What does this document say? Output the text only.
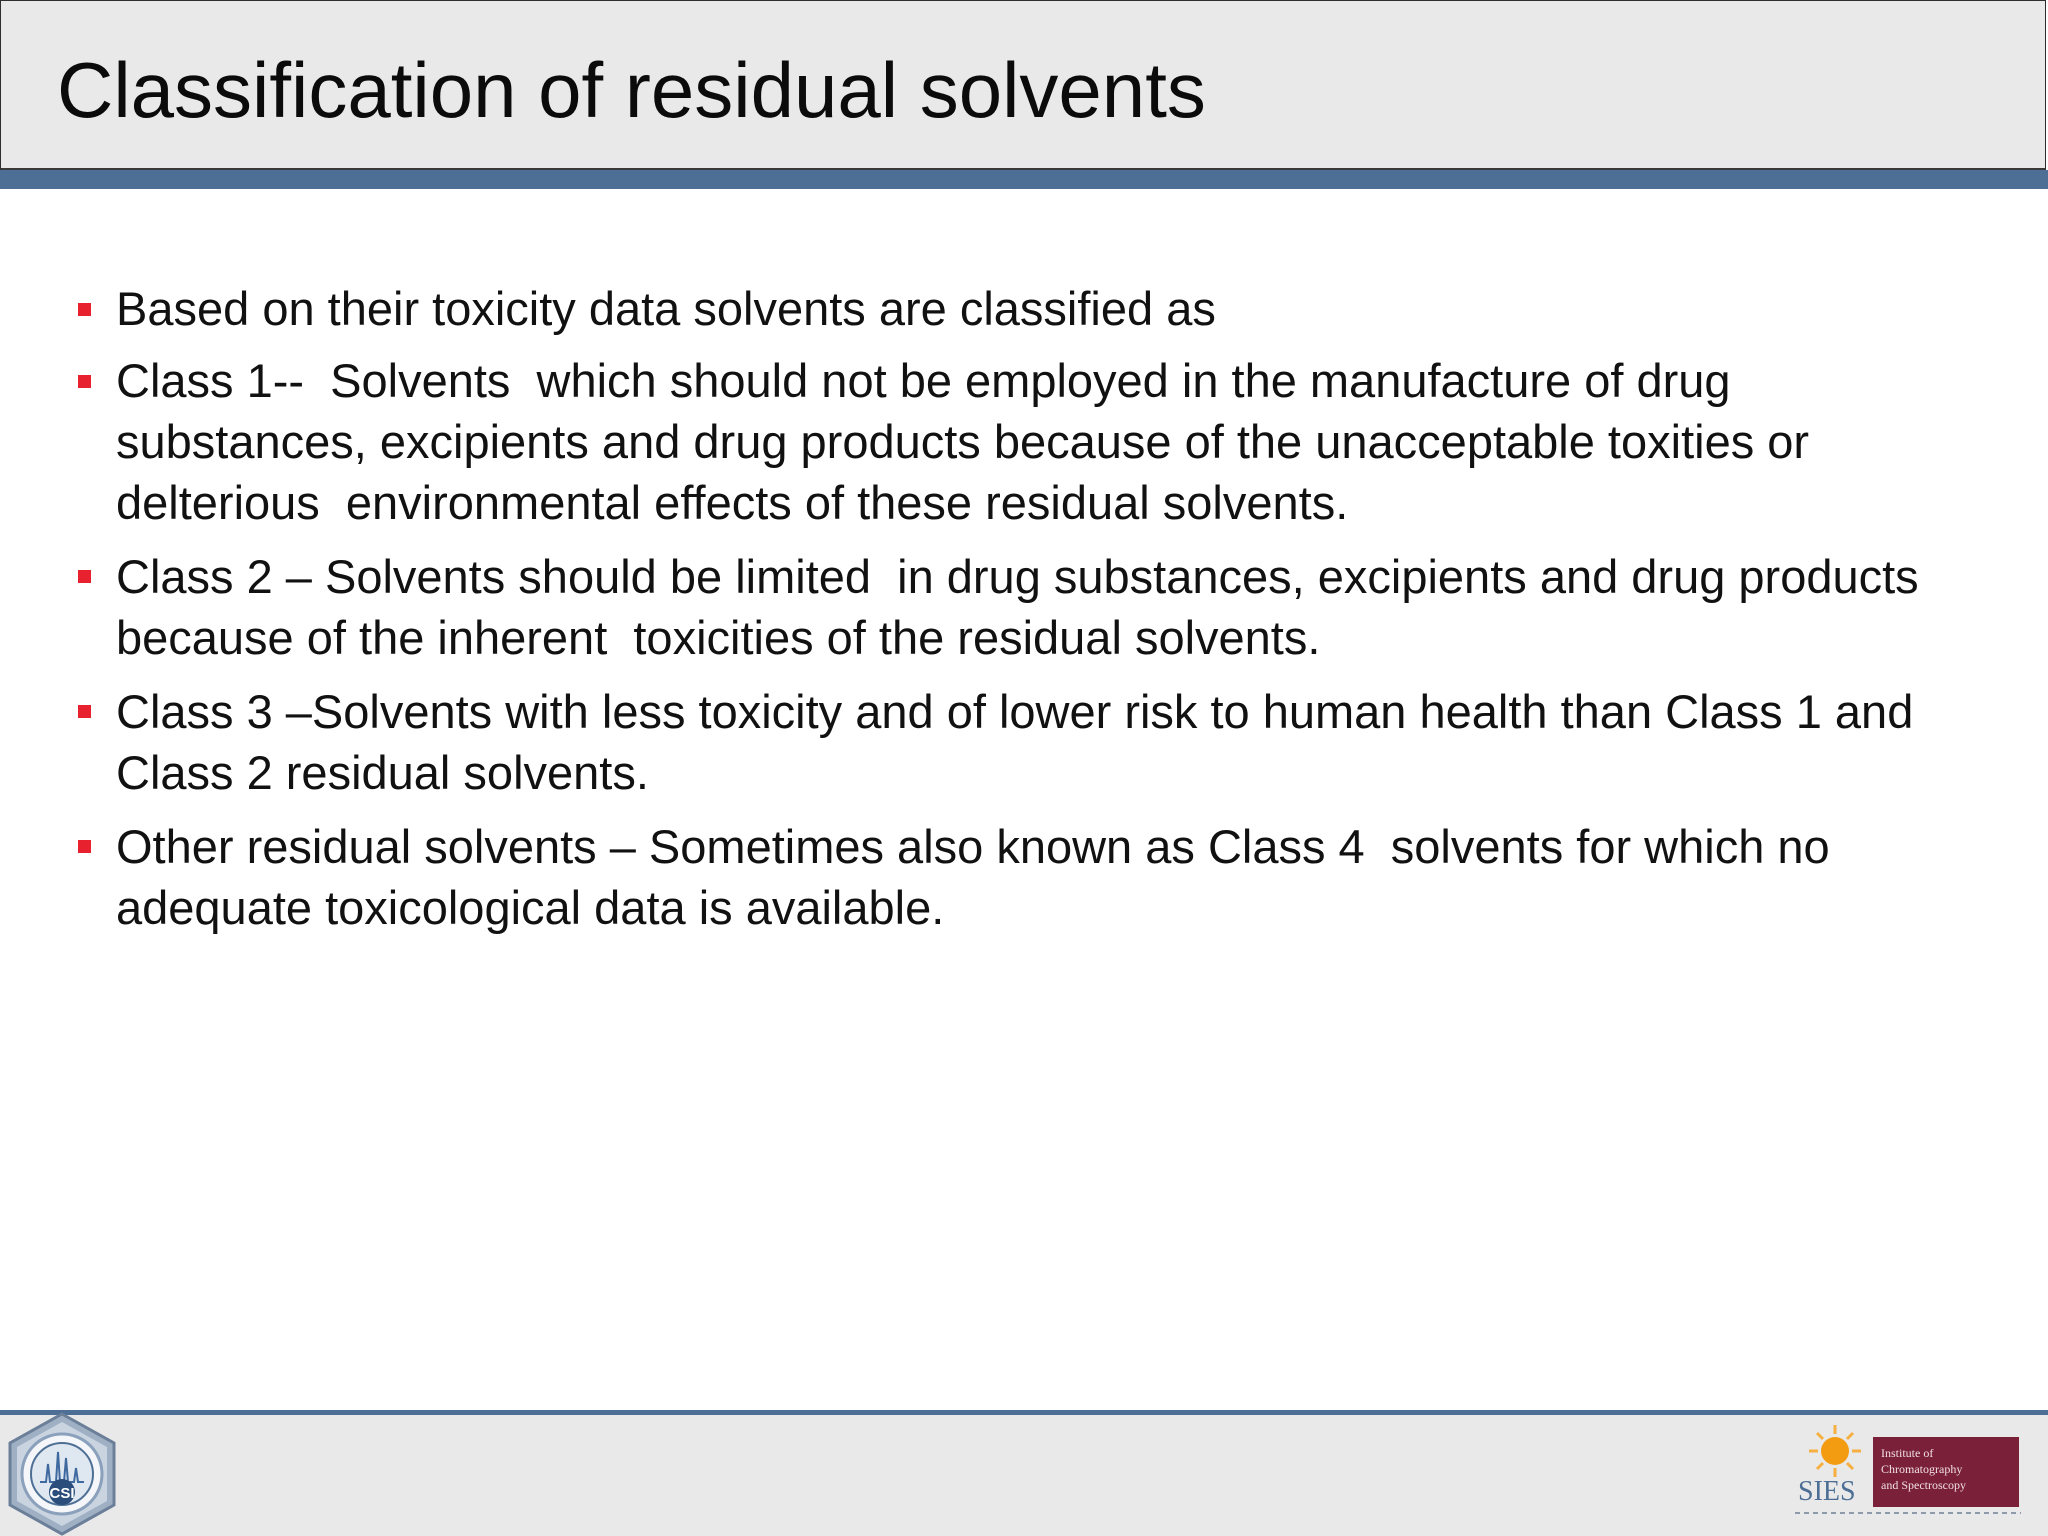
Classification of residual solvents
Based on their toxicity data solvents are classified as
Class 1--  Solvents  which should not be employed in the manufacture of drug substances, excipients and drug products because of the unacceptable toxities or delterious  environmental effects of these residual solvents.
Class 2 – Solvents should be limited  in drug substances, excipients and drug products because of the inherent  toxicities of the residual solvents.
Class 3 –Solvents with less toxicity and of lower risk to human health than Class 1 and Class 2 residual solvents.
Other residual solvents – Sometimes also known as Class 4  solvents for which no adequate toxicological data is available.
CSI	SIES
Institute of
Chromatography
and Spectroscopy
